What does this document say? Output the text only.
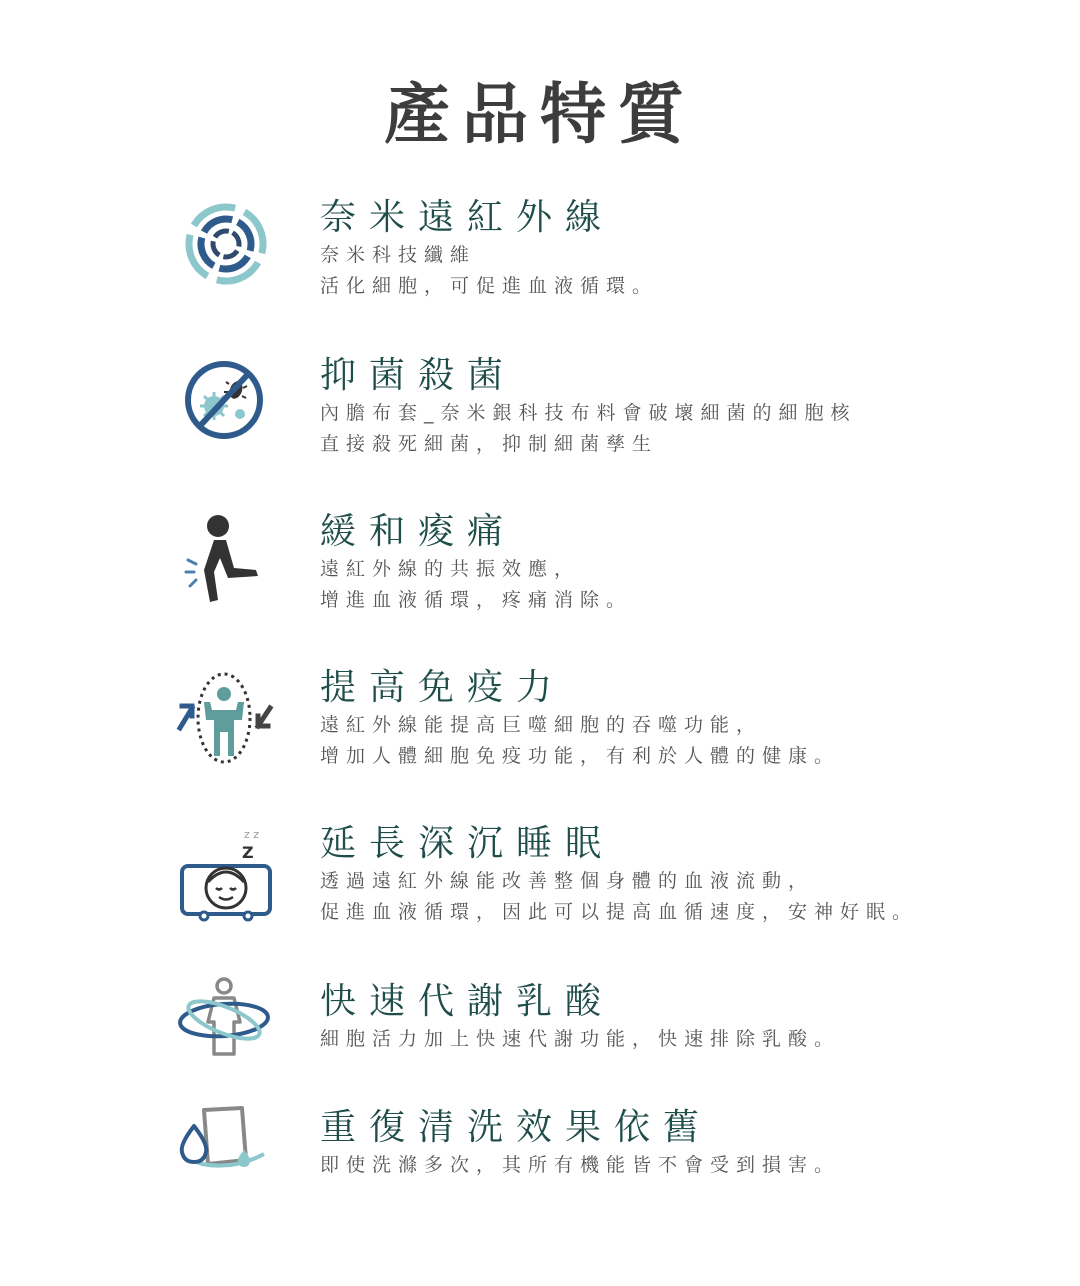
產品特質
奈米遠紅外線
奈米科技纖維
活化細胞，可促進血液循環。
抑菌殺菌
內膽布套_奈米銀科技布料會破壞細菌的細胞核
直接殺死細菌，抑制細菌孳生
緩和痠痛
遠紅外線的共振效應，
增進血液循環，疼痛消除。
提高免疫力
遠紅外線能提高巨噬細胞的吞噬功能，
增加人體細胞免疫功能，有利於人體的健康。
z z
Z 延長深沉睡眠
透過遠紅外線能改善整個身體的血液流動，
促進血液循環，因此可以提高血循速度，安神好眠。
快速代謝乳酸
細胞活力加上快速代謝功能，快速排除乳酸。
重復清洗效果依舊
即使洗滌多次，其所有機能皆不會受到損害。
